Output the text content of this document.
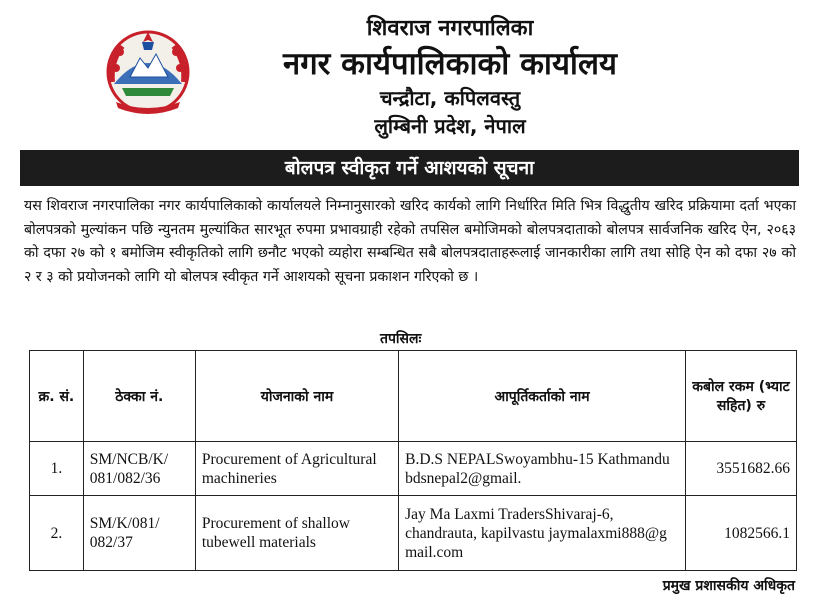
शिवराज नगरपालिका
नगर कार्यपालिकाको कार्यालय
चन्द्रौटा, कपिलवस्तु
लुम्बिनी प्रदेश, नेपाल
बोलपत्र स्वीकृत गर्ने आशयको सूचना
यस शिवराज नगरपालिका नगर कार्यपालिकाको कार्यालयले निम्नानुसारको खरिद कार्यको लागि निर्धारित मिति भित्र विद्धुतीय खरिद प्रक्रियामा दर्ता भएका बोलपत्रको मुल्यांकन पछि न्युनतम मुल्यांकित सारभूत रुपमा प्रभावग्राही रहेको तपसिल बमोजिमको बोलपत्रदाताको बोलपत्र सार्वजनिक खरिद ऐन, २०६३ को दफा २७ को १ बमोजिम स्वीकृतिको लागि छनौट भएको व्यहोरा सम्बन्धित सबै बोलपत्रदाताहरूलाई जानकारीका लागि तथा सोहि ऐन को दफा २७ को २ र ३ को प्रयोजनको लागि यो बोलपत्र स्वीकृत गर्ने आशयको सूचना प्रकाशन गरिएको छ ।
तपसिलः
क्र. सं.	ठेक्का नं.	योजनाको नाम	आपूर्तिकर्ताको नाम	कबोल रकम (भ्याट सहित) रु
1.	SM/NCB/K/ 081/082/36	Procurement of Agricultural machineries	B.D.S NEPALSwoyambhu-15 Kathmandu bdsnepal2@gmail.	3551682.66
2.	SM/K/081/ 082/37	Procurement of shallow tubewell materials	Jay Ma Laxmi TradersShivaraj-6, chandrauta, kapilvastu jaymalaxmi888@g mail.com	1082566.1
प्रमुख प्रशासकीय अधिकृत
